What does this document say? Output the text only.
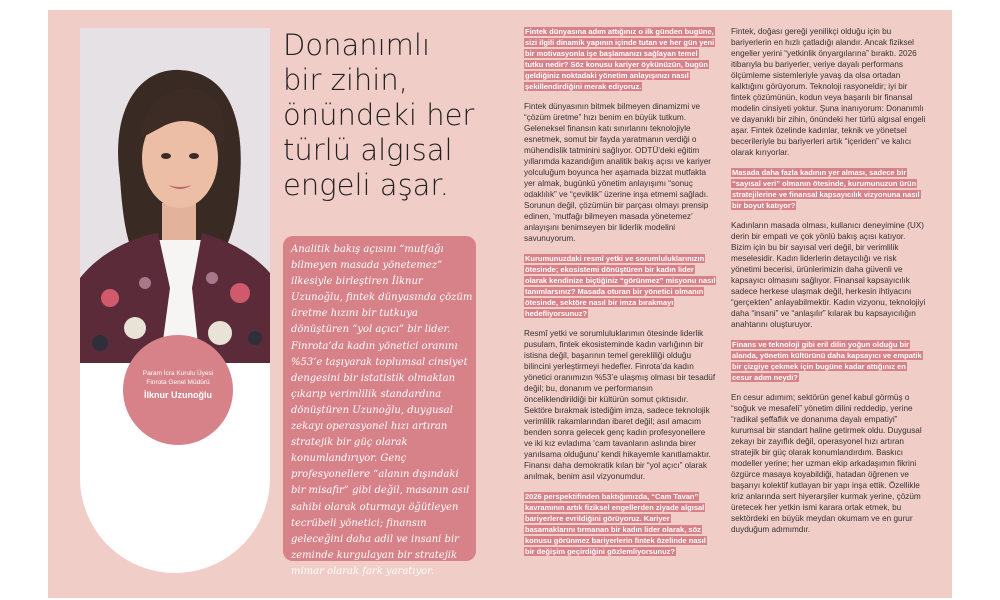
Param İcra Kurulu Üyesi
Finrota Genel Müdürü
İlknur Uzunoğlu
Donanımlı
bir zihin,
önündeki her
türlü algısal
engeli aşar.
Analitik bakış açısını “mutfağı bilmeyen masada yönetemez” ilkesiyle birleştiren İlknur Uzunoğlu, fintek dünyasında çözüm üretme hızını bir tutkuya dönüştüren “yol açıcı” bir lider. Finrota’da kadın yönetici oranını %53’e taşıyarak toplumsal cinsiyet dengesini bir istatistik olmaktan çıkarıp verimlilik standardına dönüştüren Uzunoğlu, duygusal zekayı operasyonel hızı artıran stratejik bir güç olarak konumlandırıyor. Genç profesyonellere “alanın dışındaki bir misafir” gibi değil, masanın asıl sahibi olarak oturmayı öğütleyen tecrübeli yönetici; finansın geleceğini daha adil ve insani bir zeminde kurgulayan bir stratejik mimar olarak fark yaratıyor.

Fintek dünyasına adım attığınız o ilk günden bugüne, sizi ilgili dinamik yapının içinde tutan ve her gün yeni bir motivasyonla işe başlamanızı sağlayan temel tutku nedir? Söz konusu kariyer öykünüzün, bugün geldiğiniz noktadaki yönetim anlayışınızı nasıl şekillendirdiğini merak ediyoruz.

Fintek dünyasının bitmek bilmeyen dinamizmi ve “çözüm üretme” hızı benim en büyük tutkum. Geleneksel finansın katı sınırlarını teknolojiyle esnetmek, somut bir fayda yaratmanın verdiği o mühendislik tatminini sağlıyor. ODTÜ’deki eğitim yıllarımda kazandığım analitik bakış açısı ve kariyer yolculuğum boyunca her aşamada bizzat mutfakta yer almak, bugünkü yönetim anlayışımı “sonuç odaklılık” ve “çeviklik” üzerine inşa etmemi sağladı. Sorunun değil, çözümün bir parçası olmayı prensip edinen, ‘mutfağı bilmeyen masada yönetemez’ anlayışını benimseyen bir liderlik modelini savunuyorum.

Kurumunuzdaki resmî yetki ve sorumluluklarınızın ötesinde; ekosistemi dönüştüren bir kadın lider olarak kendinize biçtiğiniz “görünmez” misyonu nasıl tanımlarsınız? Masada oturan bir yönetici olmanın ötesinde, sektöre nasıl bir imza bırakmayı hedefliyorsunuz?

Resmî yetki ve sorumluluklarımın ötesinde liderlik pusulam, fintek ekosisteminde kadın varlığının bir istisna değil, başarının temel gerekliliği olduğu bilincini yerleştirmeyi hedefler. Finrota’da kadın yönetici oranımızın %53’e ulaşmış olması bir tesadüf değil; bu, donanım ve performansın önceliklendirildiği bir kültürün somut çıktısıdır. Sektöre bırakmak istediğim imza, sadece teknolojik verimlilik rakamlarından ibaret değil; asıl amacım benden sonra gelecek genç kadın profesyonellere ve iki kız evladıma ‘cam tavanların aslında birer yanılsama olduğunu’ kendi hikayemle kanıtlamaktır. Finansı daha demokratik kılan bir “yol açıcı” olarak anılmak, benim asıl vizyonumdur.

2026 perspektifinden baktığımızda, “Cam Tavan” kavramının artık fiziksel engellerden ziyade algısal bariyerlere evrildiğini görüyoruz. Kariyer basamaklarını tırmanan bir kadın lider olarak, söz konusu görünmez bariyerlerin fintek özelinde nasıl bir değişim geçirdiğini gözlemliyorsunuz?

Fintek, doğası gereği yenilikçi olduğu için bu bariyerlerin en hızlı çatladığı alandır. Ancak fiziksel engeller yerini “yetkinlik önyargılarına” bıraktı. 2026 itibarıyla bu bariyerler, veriye dayalı performans ölçümleme sistemleriyle yavaş da olsa ortadan kalktığını görüyorum. Teknoloji rasyoneldir; iyi bir fintek çözümünün, kodun veya başarılı bir finansal modelin cinsiyeti yoktur. Şuna inanıyorum: Donanımlı ve dayanıklı bir zihin, önündeki her türlü algısal engeli aşar. Fintek özelinde kadınlar, teknik ve yönetsel becerileriyle bu bariyerleri artık “içeriden” ve kalıcı olarak kırıyorlar.

Masada daha fazla kadının yer alması, sadece bir “sayısal veri” olmanın ötesinde, kurumunuzun ürün stratejilerine ve finansal kapsayıcılık vizyonuna nasıl bir boyut katıyor?

Kadınların masada olması, kullanıcı deneyimine (UX) derin bir empati ve çok yönlü bakış açısı katıyor. Bizim için bu bir sayısal veri değil, bir verimlilik meselesidir. Kadın liderlerin detaycılığı ve risk yönetimi becerisi, ürünlerimizin daha güvenli ve kapsayıcı olmasını sağlıyor. Finansal kapsayıcılık sadece herkese ulaşmak değil, herkesin ihtiyacını “gerçekten” anlayabilmektir. Kadın vizyonu, teknolojiyi daha “insani” ve “anlaşılır” kılarak bu kapsayıcılığın anahtarını oluşturuyor.

Finans ve teknoloji gibi eril dilin yoğun olduğu bir alanda, yönetim kültürünü daha kapsayıcı ve empatik bir çizgiye çekmek için bugüne kadar attığınız en cesur adım neydi?

En cesur adımım; sektörün genel kabul görmüş o “soğuk ve mesafeli” yönetim dilini reddedip, yerine “radikal şeffaflık ve donanıma dayalı empatiyi” kurumsal bir standart haline getirmek oldu. Duygusal zekayı bir zayıflık değil, operasyonel hızı artıran stratejik bir güç olarak konumlandırdım. Baskıcı modeller yerine; her uzman ekip arkadaşımın fikrini özgürce masaya koyabildiği, hatadan öğrenen ve başarıyı kolektif kutlayan bir yapı inşa ettik. Özellikle kriz anlarında sert hiyerarşiler kurmak yerine, çözüm üretecek her yetkin ismi karara ortak etmek, bu sektördeki en büyük meydan okumam ve en gurur duyduğum adımımdır.
